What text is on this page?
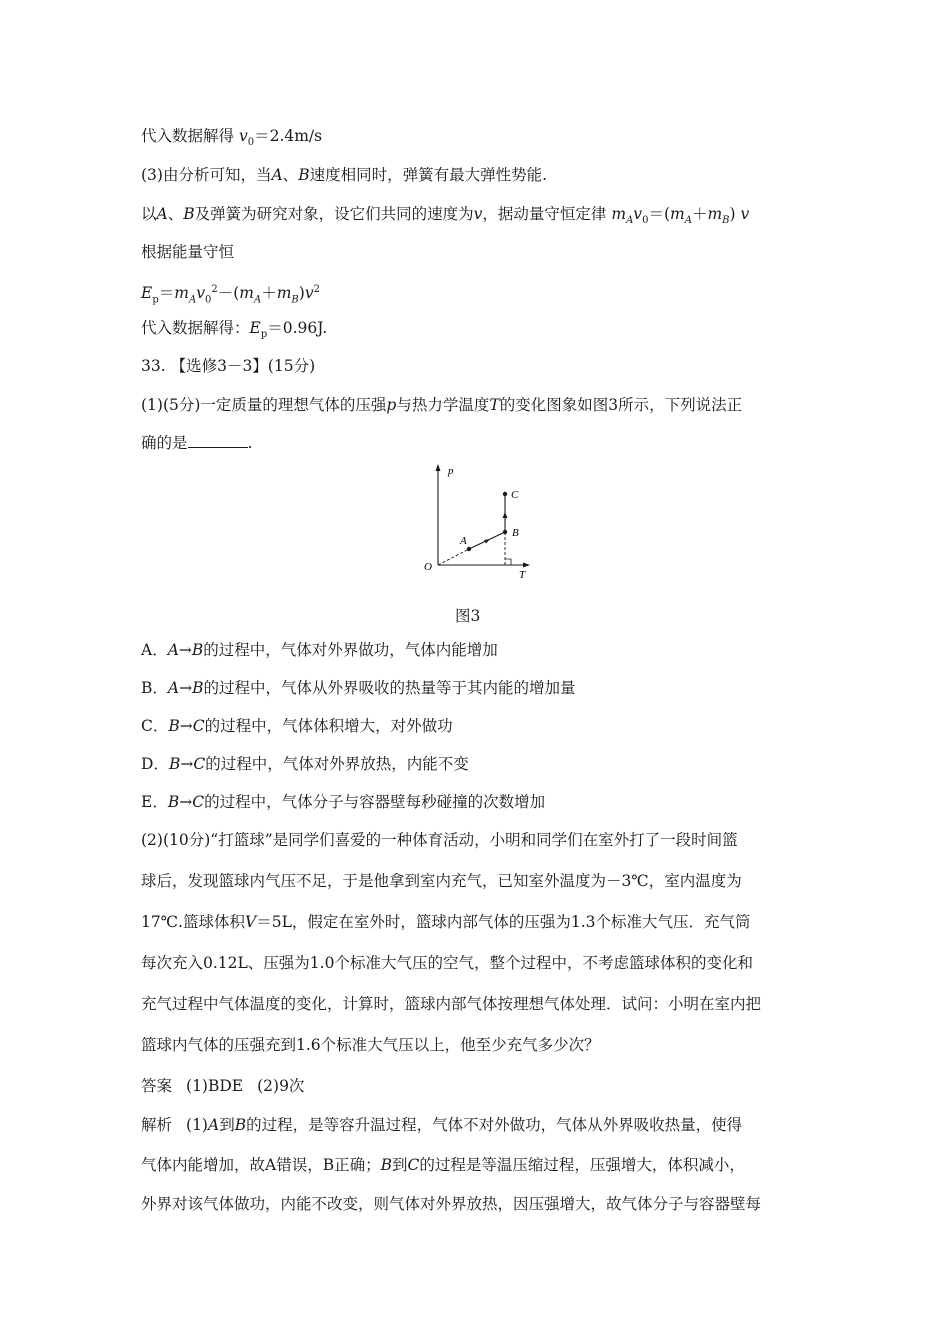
代入数据解得 $v_0=2.4m/s$
(3)由分析可知，当A、B速度相同时，弹簧有最大弹性势能.
以A、B及弹簧为研究对象，设它们共同的速度为v，据动量守恒定律 $m_Av_0=(m_A+m_B)$ v
根据能量守恒
$E_p=m_Av_0^2-(m_A+m_B)v^2$
代入数据解得：$E_p=0.96J$.
33. 【选修3－3】(15分)
(1)(5分)一定质量的理想气体的压强p与热力学温度T的变化图象如图3所示，下列说法正
确的是	.
p
T
O
A
B
C
图3
A．A→B的过程中，气体对外界做功，气体内能增加
B．A→B的过程中，气体从外界吸收的热量等于其内能的增加量
C．B→C的过程中，气体体积增大，对外做功
D．B→C的过程中，气体对外界放热，内能不变
E．B→C的过程中，气体分子与容器壁每秒碰撞的次数增加
(2)(10分)“打篮球”是同学们喜爱的一种体育活动，小明和同学们在室外打了一段时间篮
球后，发现篮球内气压不足，于是他拿到室内充气，已知室外温度为－3℃，室内温度为
17℃.篮球体积V＝5L，假定在室外时，篮球内部气体的压强为1.3个标准大气压．充气筒
每次充入0.12L、压强为1.0个标准大气压的空气，整个过程中，不考虑篮球体积的变化和
充气过程中气体温度的变化，计算时，篮球内部气体按理想气体处理．试问：小明在室内把
篮球内气体的压强充到1.6个标准大气压以上，他至少充气多少次？
答案 (1)BDE (2)9次
解析 (1)A到B的过程，是等容升温过程，气体不对外做功，气体从外界吸收热量，使得
气体内能增加，故A错误，B正确；B到C的过程是等温压缩过程，压强增大，体积减小，
外界对该气体做功，内能不改变，则气体对外界放热，因压强增大，故气体分子与容器壁每
